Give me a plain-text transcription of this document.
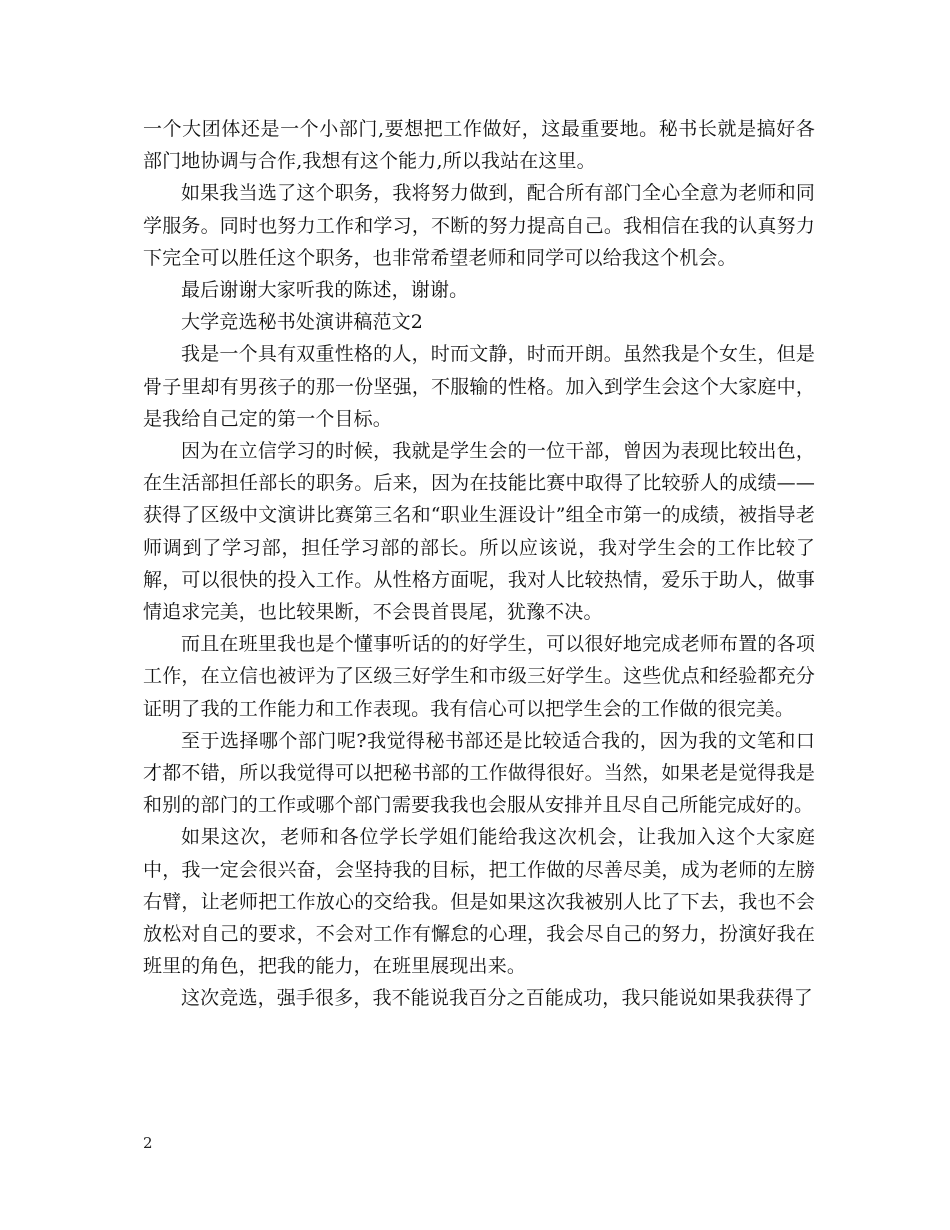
一个大团体还是一个小部门,要想把工作做好，这最重要地。秘书长就是搞好各部门地协调与合作,我想有这个能力,所以我站在这里。

如果我当选了这个职务，我将努力做到，配合所有部门全心全意为老师和同学服务。同时也努力工作和学习，不断的努力提高自己。我相信在我的认真努力下完全可以胜任这个职务，也非常希望老师和同学可以给我这个机会。

最后谢谢大家听我的陈述，谢谢。

大学竞选秘书处演讲稿范文2

我是一个具有双重性格的人，时而文静，时而开朗。虽然我是个女生，但是骨子里却有男孩子的那一份坚强，不服输的性格。加入到学生会这个大家庭中，是我给自己定的第一个目标。

因为在立信学习的时候，我就是学生会的一位干部，曾因为表现比较出色，在生活部担任部长的职务。后来，因为在技能比赛中取得了比较骄人的成绩——获得了区级中文演讲比赛第三名和“职业生涯设计”组全市第一的成绩，被指导老师调到了学习部，担任学习部的部长。所以应该说，我对学生会的工作比较了解，可以很快的投入工作。从性格方面呢，我对人比较热情，爱乐于助人，做事情追求完美，也比较果断，不会畏首畏尾，犹豫不决。

而且在班里我也是个懂事听话的的好学生，可以很好地完成老师布置的各项工作，在立信也被评为了区级三好学生和市级三好学生。这些优点和经验都充分证明了我的工作能力和工作表现。我有信心可以把学生会的工作做的很完美。

至于选择哪个部门呢?我觉得秘书部还是比较适合我的，因为我的文笔和口才都不错，所以我觉得可以把秘书部的工作做得很好。当然，如果老是觉得我是和别的部门的工作或哪个部门需要我我也会服从安排并且尽自己所能完成好的。

如果这次，老师和各位学长学姐们能给我这次机会，让我加入这个大家庭中，我一定会很兴奋，会坚持我的目标，把工作做的尽善尽美，成为老师的左膀右臂，让老师把工作放心的交给我。但是如果这次我被别人比了下去，我也不会放松对自己的要求，不会对工作有懈怠的心理，我会尽自己的努力，扮演好我在班里的角色，把我的能力，在班里展现出来。

这次竞选，强手很多，我不能说我百分之百能成功，我只能说如果我获得了

2
